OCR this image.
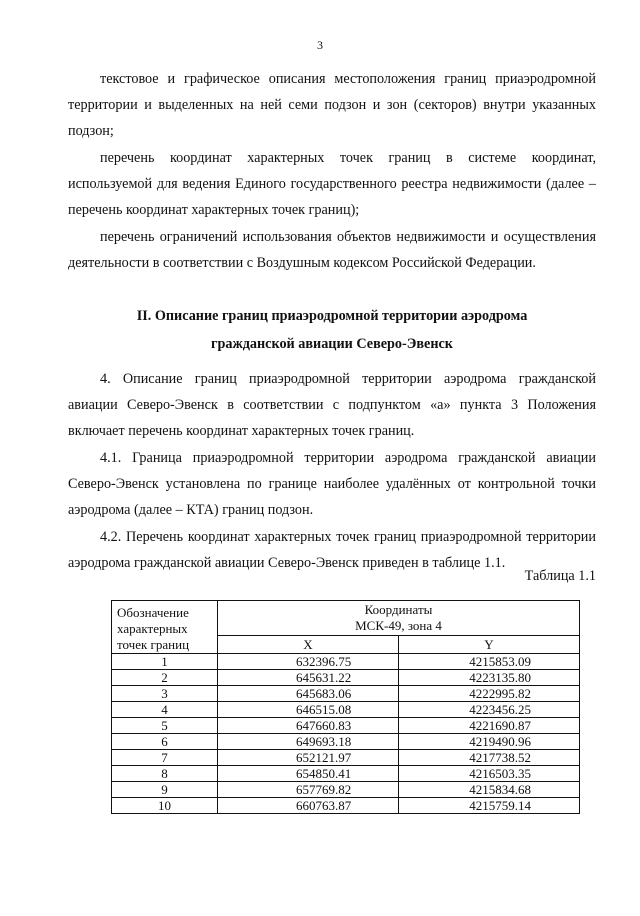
3

текстовое и графическое описания местоположения границ приаэродромной территории и выделенных на ней семи подзон и зон (секторов) внутри указанных подзон;

перечень координат характерных точек границ в системе координат, используемой для ведения Единого государственного реестра недвижимости (далее – перечень координат характерных точек границ);

перечень ограничений использования объектов недвижимости и осуществления деятельности в соответствии с Воздушным кодексом Российской Федерации.

II. Описание границ приаэродромной территории аэродрома
гражданской авиации Северо-Эвенск

4. Описание границ приаэродромной территории аэродрома гражданской авиации Северо-Эвенск в соответствии с подпунктом «а» пункта 3 Положения включает перечень координат характерных точек границ.

4.1. Граница приаэродромной территории аэродрома гражданской авиации Северо-Эвенск установлена по границе наиболее удалённых от контрольной точки аэродрома (далее – КТА) границ подзон.

4.2. Перечень координат характерных точек границ приаэродромной территории аэродрома гражданской авиации Северо-Эвенск приведен в таблице 1.1.

Таблица 1.1
Обозначение характерных точек границ	Координаты
МСК-49, зона 4	

	X	Y
1	632396.75	4215853.09
2	645631.22	4223135.80
3	645683.06	4222995.82
4	646515.08	4223456.25
5	647660.83	4221690.87
6	649693.18	4219490.96
7	652121.97	4217738.52
8	654850.41	4216503.35
9	657769.82	4215834.68
10	660763.87	4215759.14
